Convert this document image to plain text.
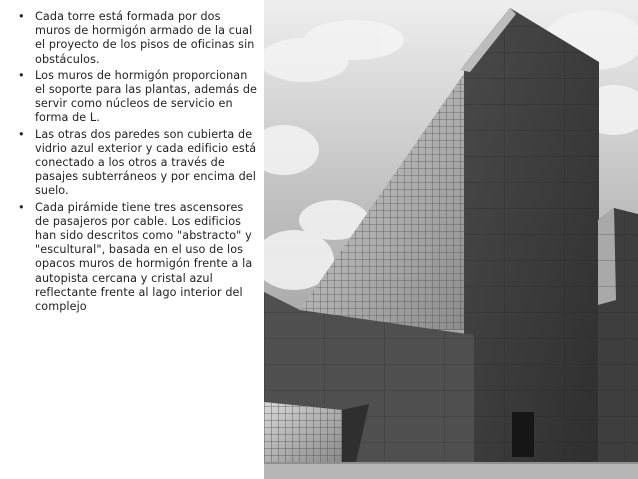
• Cada torre está formada por dos muros de hormigón armado de la cual el proyecto de los pisos de oficinas sin obstáculos.
• Los muros de hormigón proporcionan el soporte para las plantas, además de servir como núcleos de servicio en forma de L.
• Las otras dos paredes son cubierta de vidrio azul exterior y cada edificio está conectado a los otros a través de pasajes subterráneos y por encima del suelo.
• Cada pirámide tiene tres ascensores de pasajeros por cable. Los edificios han sido descritos como "abstracto" y "escultural", basada en el uso de los opacos muros de hormigón frente a la autopista cercana y cristal azul reflectante frente al lago interior del complejo
